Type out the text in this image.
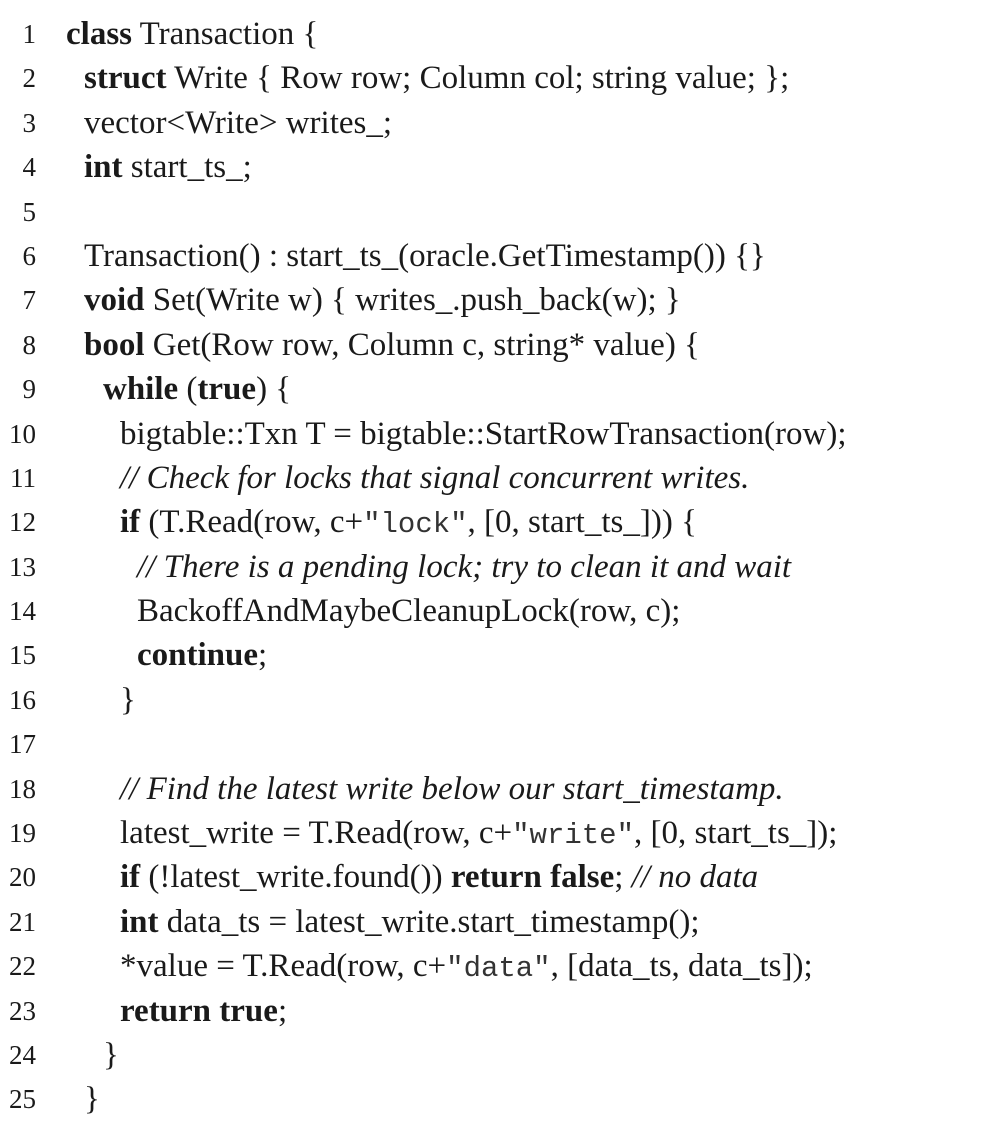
1 class Transaction {
2 struct Write { Row row; Column col; string value; };
3 vector<Write> writes_;
4 int start_ts_;
5
6 Transaction() : start_ts_(oracle.GetTimestamp()) {}
7 void Set(Write w) { writes_.push_back(w); }
8 bool Get(Row row, Column c, string* value) {
9 while (true) {
10	bigtable::Txn T = bigtable::StartRowTransaction(row);
11	// Check for locks that signal concurrent writes.
12	if (T.Read(row, c+"lock", [0, start_ts_])) {
13	// There is a pending lock; try to clean it and wait
14	BackoffAndMaybeCleanupLock(row, c);
15	continue;
16	}
17
18	// Find the latest write below our start_timestamp.
19	latest_write = T.Read(row, c+"write", [0, start_ts_]);
20	if (!latest_write.found()) return false; // no data
21	int data_ts = latest_write.start_timestamp();
22	*value = T.Read(row, c+"data", [data_ts, data_ts]);
23	return true;
24 }
25 }
